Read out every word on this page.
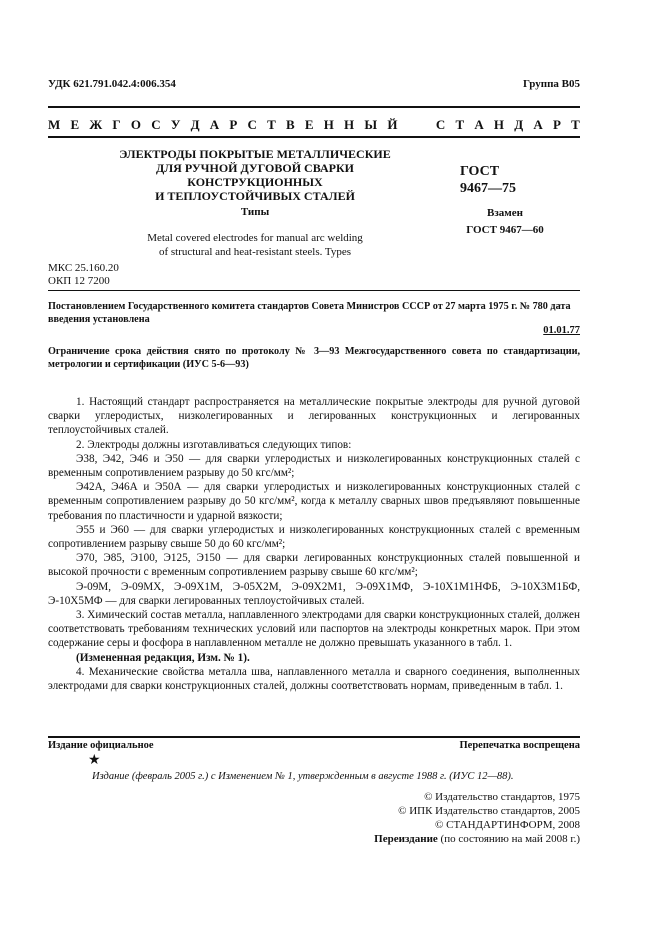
УДК 621.791.042.4:006.354	Группа В05
М Е Ж Г О С У Д А Р С Т В Е Н Н Ы Й	С Т А Н Д А Р Т
ЭЛЕКТРОДЫ ПОКРЫТЫЕ МЕТАЛЛИЧЕСКИЕ
ДЛЯ РУЧНОЙ ДУГОВОЙ СВАРКИ
КОНСТРУКЦИОННЫХ
И ТЕПЛОУСТОЙЧИВЫХ СТАЛЕЙ
ГОСТ
9467—75
Типы	Взамен
ГОСТ 9467—60
Metal covered electrodes for manual arc welding
of structural and heat-resistant steels. Types
МКС 25.160.20
ОКП 12 7200
Постановлением Государственного комитета стандартов Совета Министров СССР от 27 марта 1975 г. № 780 дата введения установлена
01.01.77
Ограничение срока действия снято по протоколу № 3—93 Межгосударственного совета по стандартизации, метрологии и сертификации (ИУС 5-6—93)

1. Настоящий стандарт распространяется на металлические покрытые электроды для ручной дуговой сварки углеродистых, низколегированных и легированных конструкционных и легированных теплоустойчивых сталей.

2. Электроды должны изготавливаться следующих типов:

Э38, Э42, Э46 и Э50 — для сварки углеродистых и низколегированных конструкционных сталей с временным сопротивлением разрыву до 50 кгс/мм²;

Э42А, Э46А и Э50А — для сварки углеродистых и низколегированных конструкционных сталей с временным сопротивлением разрыву до 50 кгс/мм², когда к металлу сварных швов предъявляют повышенные требования по пластичности и ударной вязкости;

Э55 и Э60 — для сварки углеродистых и низколегированных конструкционных сталей с временным сопротивлением разрыву свыше 50 до 60 кгс/мм²;

Э70, Э85, Э100, Э125, Э150 — для сварки легированных конструкционных сталей повышенной и высокой прочности с временным сопротивлением разрыву свыше 60 кгс/мм²;

Э-09М, Э-09МХ, Э-09Х1М, Э-05Х2М, Э-09Х2М1, Э-09Х1МФ, Э-10Х1М1НФБ, Э-10Х3М1БФ, Э-10Х5МФ — для сварки легированных теплоустойчивых сталей.

3. Химический состав металла, наплавленного электродами для сварки конструкционных сталей, должен соответствовать требованиям технических условий или паспортов на электроды конкретных марок. При этом содержание серы и фосфора в наплавленном металле не должно превышать указанного в табл. 1.

(Измененная редакция, Изм. № 1).

4. Механические свойства металла шва, наплавленного металла и сварного соединения, выполненных электродами для сварки конструкционных сталей, должны соответствовать нормам, приведенным в табл. 1.

Издание официальное	Перепечатка воспрещена
★
Издание (февраль 2005 г.) с Изменением № 1, утвержденным в августе 1988 г. (ИУС 12—88).
© Издательство стандартов, 1975
© ИПК Издательство стандартов, 2005
© СТАНДАРТИНФОРМ, 2008
Переиздание (по состоянию на май 2008 г.)
